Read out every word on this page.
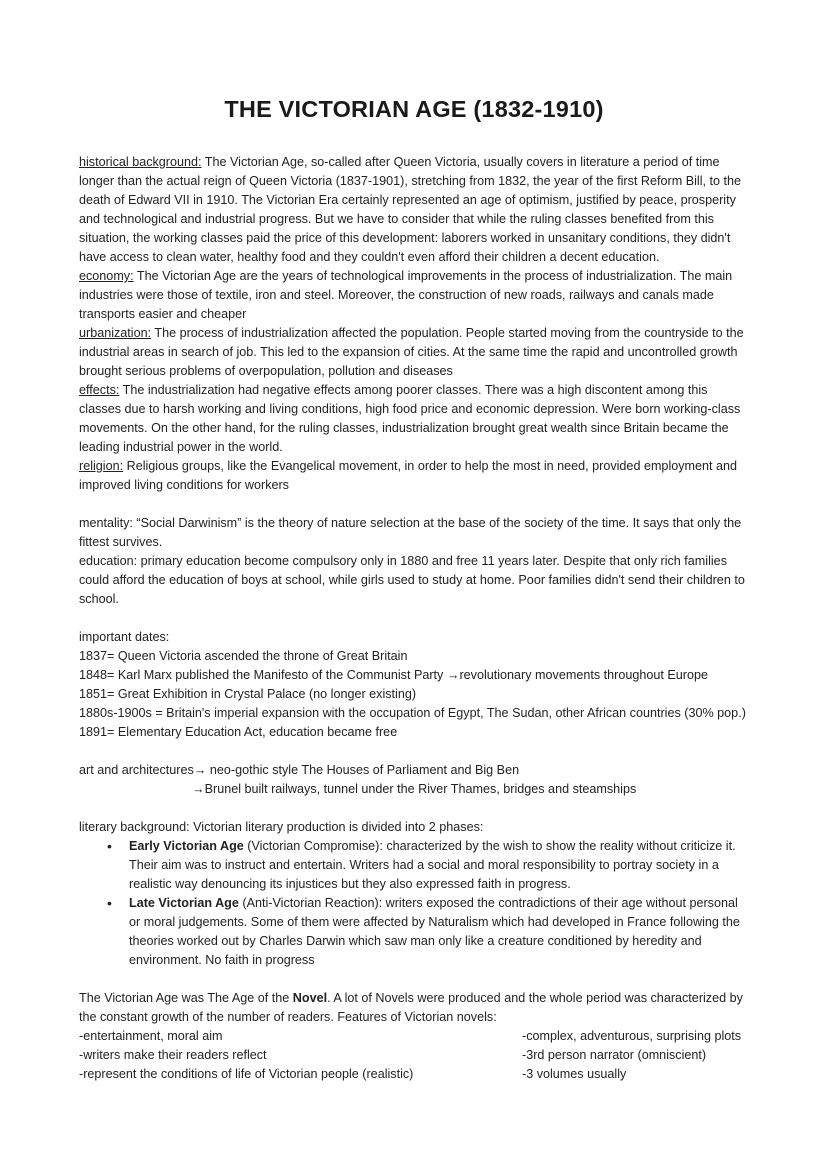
THE VICTORIAN AGE (1832-1910)

historical background: The Victorian Age, so-called after Queen Victoria, usually covers in literature a period of time longer than the actual reign of Queen Victoria (1837-1901), stretching from 1832, the year of the first Reform Bill, to the death of Edward VII in 1910. The Victorian Era certainly represented an age of optimism, justified by peace, prosperity and technological and industrial progress. But we have to consider that while the ruling classes benefited from this situation, the working classes paid the price of this development: laborers worked in unsanitary conditions, they didn't have access to clean water, healthy food and they couldn't even afford their children a decent education.

economy: The Victorian Age are the years of technological improvements in the process of industrialization. The main industries were those of textile, iron and steel. Moreover, the construction of new roads, railways and canals made transports easier and cheaper

urbanization: The process of industrialization affected the population. People started moving from the countryside to the industrial areas in search of job. This led to the expansion of cities. At the same time the rapid and uncontrolled growth brought serious problems of overpopulation, pollution and diseases

effects: The industrialization had negative effects among poorer classes. There was a high discontent among this classes due to harsh working and living conditions, high food price and economic depression. Were born working-class movements. On the other hand, for the ruling classes, industrialization brought great wealth since Britain became the leading industrial power in the world.

religion: Religious groups, like the Evangelical movement, in order to help the most in need, provided employment and improved living conditions for workers

mentality: “Social Darwinism” is the theory of nature selection at the base of the society of the time. It says that only the fittest survives.

education: primary education become compulsory only in 1880 and free 11 years later. Despite that only rich families could afford the education of boys at school, while girls used to study at home. Poor families didn't send their children to school.

important dates:

1837= Queen Victoria ascended the throne of Great Britain

1848= Karl Marx published the Manifesto of the Communist Party →revolutionary movements throughout Europe

1851= Great Exhibition in Crystal Palace (no longer existing)

1880s-1900s = Britain's imperial expansion with the occupation of Egypt, The Sudan, other African countries (30% pop.)

1891= Elementary Education Act, education became free

art and architectures→ neo-gothic style The Houses of Parliament and Big Ben

→Brunel built railways, tunnel under the River Thames, bridges and steamships

literary background: Victorian literary production is divided into 2 phases:

• Early Victorian Age (Victorian Compromise): characterized by the wish to show the reality without criticize it. Their aim was to instruct and entertain. Writers had a social and moral responsibility to portray society in a realistic way denouncing its injustices but they also expressed faith in progress.
• Late Victorian Age (Anti-Victorian Reaction): writers exposed the contradictions of their age without personal or moral judgements. Some of them were affected by Naturalism which had developed in France following the theories worked out by Charles Darwin which saw man only like a creature conditioned by heredity and environment. No faith in progress

The Victorian Age was The Age of the Novel. A lot of Novels were produced and the whole period was characterized by the constant growth of the number of readers. Features of Victorian novels:

-entertainment, moral aim	-complex, adventurous, surprising plots

-writers make their readers reflect	-3rd person narrator (omniscient)

-represent the conditions of life of Victorian people (realistic)	-3 volumes usually
